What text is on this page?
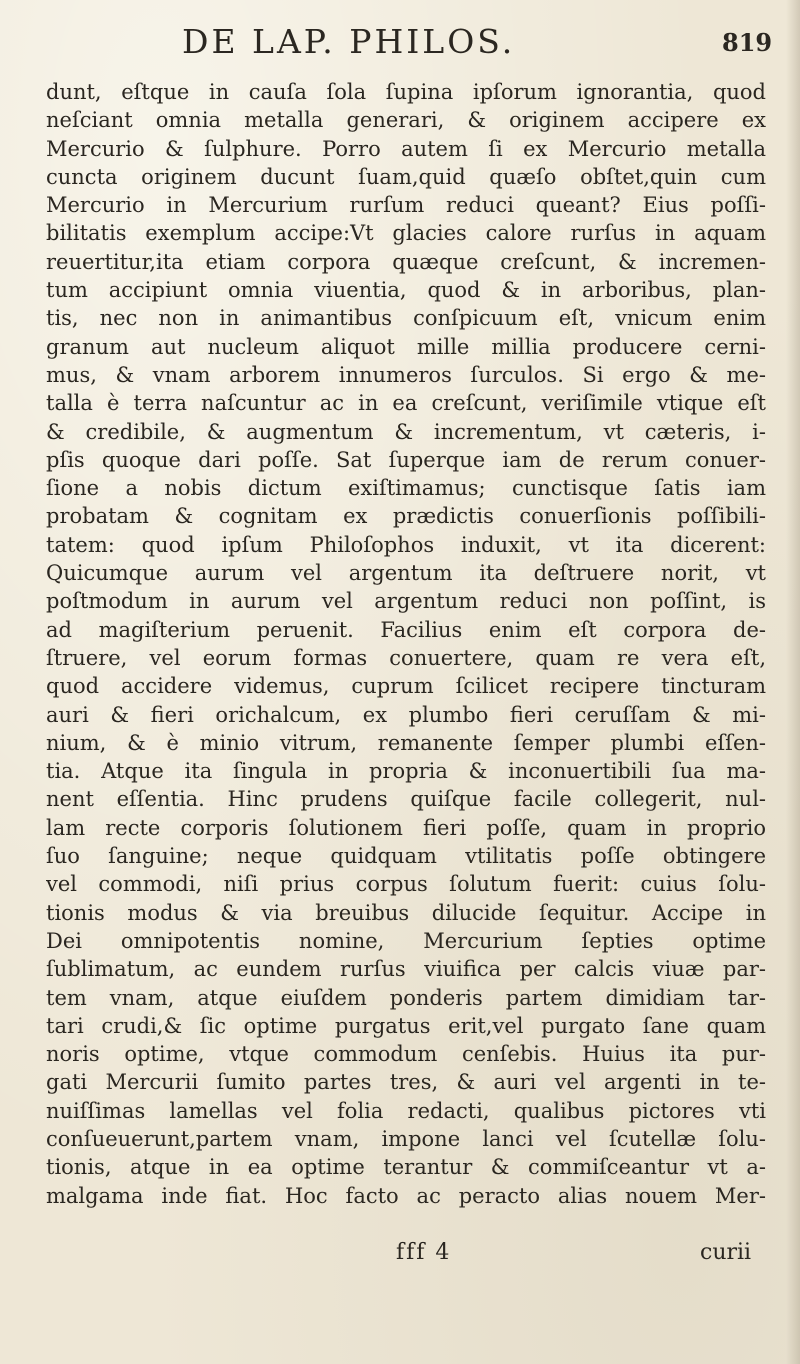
DE LAP. PHILOS.	819
dunt, eſtque in cauſa ſola ſupina ipſorum ignorantia, quod
neſciant omnia metalla generari, & originem accipere ex
Mercurio & ſulphure. Porro autem ſi ex Mercurio metalla
cuncta originem ducunt ſuam,quid quæſo obſtet,quin cum
Mercurio in Mercurium rurſum reduci queant? Eius poſſi-
bilitatis exemplum accipe:Vt glacies calore rurſus in aquam
reuertitur,ita etiam corpora quæque creſcunt, & incremen-
tum accipiunt omnia viuentia, quod & in arboribus, plan-
tis, nec non in animantibus conſpicuum eſt, vnicum enim
granum aut nucleum aliquot mille millia producere cerni-
mus, & vnam arborem innumeros ſurculos. Si ergo & me-
talla è terra naſcuntur ac in ea creſcunt, veriſimile vtique eſt
& credibile, & augmentum & incrementum, vt cæteris, i-
pſis quoque dari poſſe. Sat ſuperque iam de rerum conuer-
ſione a nobis dictum exiſtimamus; cunctisque ſatis iam
probatam & cognitam ex prædictis conuerſionis poſſibili-
tatem: quod ipſum Philoſophos induxit, vt ita dicerent:
Quicumque aurum vel argentum ita deſtruere norit, vt
poſtmodum in aurum vel argentum reduci non poſſint, is
ad magiſterium peruenit. Facilius enim eſt corpora de-
ſtruere, vel eorum formas conuertere, quam re vera eſt,
quod accidere videmus, cuprum ſcilicet recipere tincturam
auri & fieri orichalcum, ex plumbo fieri ceruſſam & mi-
nium, & è minio vitrum, remanente ſemper plumbi eſſen-
tia. Atque ita ſingula in propria & inconuertibili ſua ma-
nent eſſentia. Hinc prudens quiſque facile collegerit, nul-
lam recte corporis ſolutionem fieri poſſe, quam in proprio
ſuo ſanguine; neque quidquam vtilitatis poſſe obtingere
vel commodi, niſi prius corpus ſolutum fuerit: cuius ſolu-
tionis modus & via breuibus dilucide ſequitur. Accipe in
Dei omnipotentis nomine, Mercurium ſepties optime
ſublimatum, ac eundem rurſus viuifica per calcis viuæ par-
tem vnam, atque eiuſdem ponderis partem dimidiam tar-
tari crudi,& ſic optime purgatus erit,vel purgato ſane quam
noris optime, vtque commodum cenſebis. Huius ita pur-
gati Mercurii ſumito partes tres, & auri vel argenti in te-
nuiſſimas lamellas vel folia redacti, qualibus pictores vti
conſueuerunt,partem vnam, impone lanci vel ſcutellæ ſolu-
tionis, atque in ea optime terantur & commiſceantur vt a-
malgama inde fiat. Hoc facto ac peracto alias nouem Mer-
fff 4	curii
